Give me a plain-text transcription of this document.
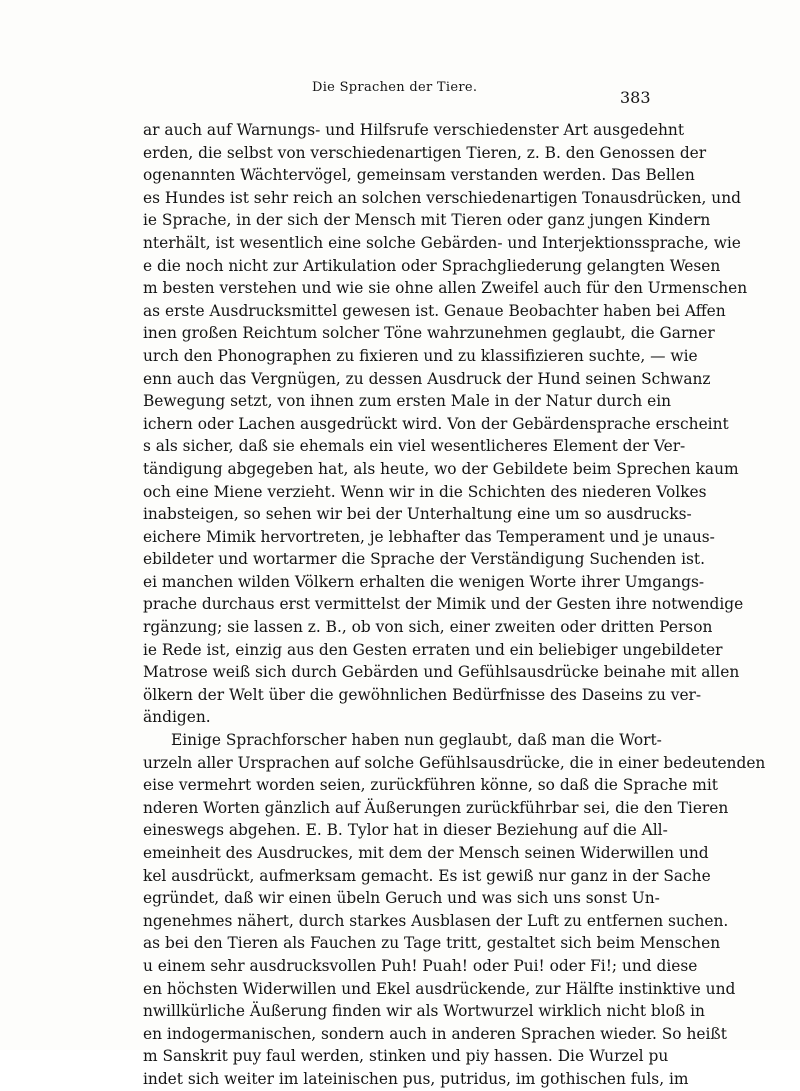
Die Sprachen der Tiere.
383
ar auch auf Warnungs- und Hilfsrufe verschiedenster Art ausgedehnt
erden, die selbst von verschiedenartigen Tieren, z. B. den Genossen der
ogenannten Wächtervögel, gemeinsam verstanden werden. Das Bellen
es Hundes ist sehr reich an solchen verschiedenartigen Tonausdrücken, und
ie Sprache, in der sich der Mensch mit Tieren oder ganz jungen Kindern
nterhält, ist wesentlich eine solche Gebärden- und Interjektionssprache, wie
e die noch nicht zur Artikulation oder Sprachgliederung gelangten Wesen
m besten verstehen und wie sie ohne allen Zweifel auch für den Urmenschen
as erste Ausdrucksmittel gewesen ist. Genaue Beobachter haben bei Affen
inen großen Reichtum solcher Töne wahrzunehmen geglaubt, die Garner
urch den Phonographen zu fixieren und zu klassifizieren suchte, — wie
enn auch das Vergnügen, zu dessen Ausdruck der Hund seinen Schwanz
Bewegung setzt, von ihnen zum ersten Male in der Natur durch ein
ichern oder Lachen ausgedrückt wird. Von der Gebärdensprache erscheint
s als sicher, daß sie ehemals ein viel wesentlicheres Element der Ver-
tändigung abgegeben hat, als heute, wo der Gebildete beim Sprechen kaum
och eine Miene verzieht. Wenn wir in die Schichten des niederen Volkes
inabsteigen, so sehen wir bei der Unterhaltung eine um so ausdrucks-
eichere Mimik hervortreten, je lebhafter das Temperament und je unaus-
ebildeter und wortarmer die Sprache der Verständigung Suchenden ist.
ei manchen wilden Völkern erhalten die wenigen Worte ihrer Umgangs-
prache durchaus erst vermittelst der Mimik und der Gesten ihre notwendige
rgänzung; sie lassen z. B., ob von sich, einer zweiten oder dritten Person
ie Rede ist, einzig aus den Gesten erraten und ein beliebiger ungebildeter
Matrose weiß sich durch Gebärden und Gefühlsausdrücke beinahe mit allen
ölkern der Welt über die gewöhnlichen Bedürfnisse des Daseins zu ver-
ändigen.
Einige Sprachforscher haben nun geglaubt, daß man die Wort-
urzeln aller Ursprachen auf solche Gefühlsausdrücke, die in einer bedeutenden
eise vermehrt worden seien, zurückführen könne, so daß die Sprache mit
nderen Worten gänzlich auf Äußerungen zurückführbar sei, die den Tieren
eineswegs abgehen. E. B. Tylor hat in dieser Beziehung auf die All-
emeinheit des Ausdruckes, mit dem der Mensch seinen Widerwillen und
kel ausdrückt, aufmerksam gemacht. Es ist gewiß nur ganz in der Sache
egründet, daß wir einen übeln Geruch und was sich uns sonst Un-
ngenehmes nähert, durch starkes Ausblasen der Luft zu entfernen suchen.
as bei den Tieren als Fauchen zu Tage tritt, gestaltet sich beim Menschen
u einem sehr ausdrucksvollen Puh! Puah! oder Pui! oder Fi!; und diese
en höchsten Widerwillen und Ekel ausdrückende, zur Hälfte instinktive und
nwillkürliche Äußerung finden wir als Wortwurzel wirklich nicht bloß in
en indogermanischen, sondern auch in anderen Sprachen wieder. So heißt
m Sanskrit puy faul werden, stinken und piy hassen. Die Wurzel pu
indet sich weiter im lateinischen pus, putridus, im gothischen fuls, im
